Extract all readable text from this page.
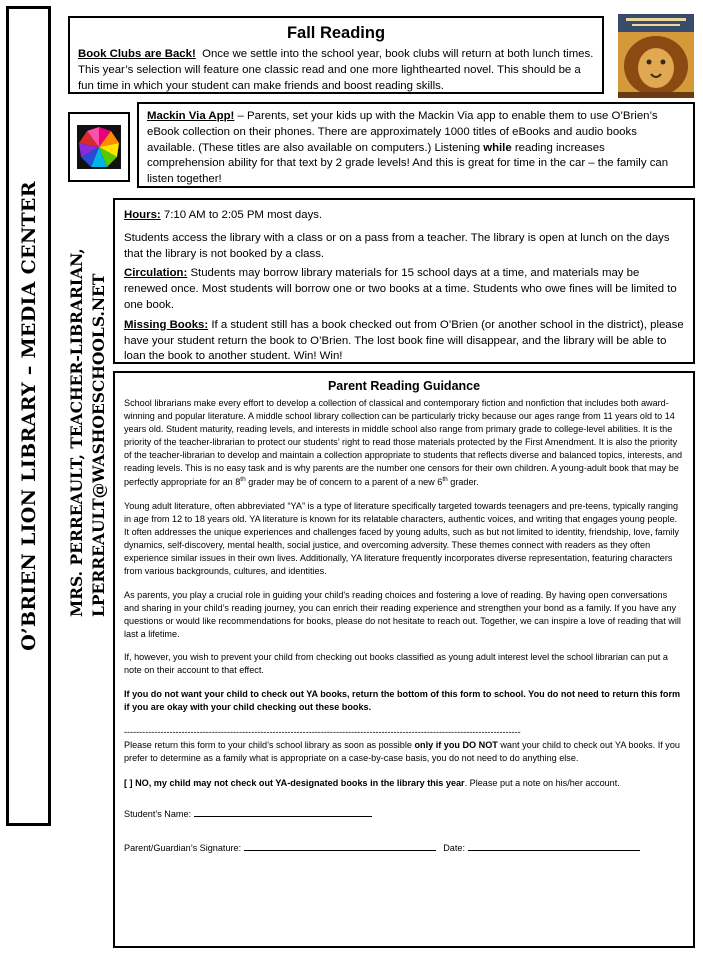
O’BRIEN LION LIBRARY – MEDIA CENTER MRS. PERREAULT, TEACHER-LIBRARIAN, LPERREAULT@WASHOESCHOOLS.NET
Fall Reading

Book Clubs are Back! Once we settle into the school year, book clubs will return at both lunch times. This year’s selection will feature one classic read and one more lighthearted novel. This should be a fun time in which your student can make friends and boost reading skills.

Mackin Via App! – Parents, set your kids up with the Mackin Via app to enable them to use O’Brien’s eBook collection on their phones. There are approximately 1000 titles of eBooks and audio books available. (These titles are also available on computers.) Listening while reading increases comprehension ability for that text by 2 grade levels! And this is great for time in the car – the family can listen together!

Hours: 7:10 AM to 2:05 PM most days.

Students access the library with a class or on a pass from a teacher. The library is open at lunch on the days that the library is not booked by a class.

Circulation: Students may borrow library materials for 15 school days at a time, and materials may be renewed once. Most students will borrow one or two books at a time. Students who owe fines will be limited to one book.

Missing Books: If a student still has a book checked out from O’Brien (or another school in the district), please have your student return the book to O’Brien. The lost book fine will disappear, and the library will be able to loan the book to another student. Win! Win!

Parent Reading Guidance

School librarians make every effort to develop a collection of classical and contemporary fiction and nonfiction that includes both award-winning and popular literature. A middle school library collection can be particularly tricky because our ages range from 11 years old to 14 years old. Student maturity, reading levels, and interests in middle school also range from primary grade to college-level abilities. It is the priority of the teacher-librarian to protect our students’ right to read those materials protected by the First Amendment. It is also the priority of the teacher-librarian to develop and maintain a collection appropriate to students that reflects diverse and balanced topics, interests, and reading levels. This is no easy task and is why parents are the number one censors for their own children. A young-adult book that may be perfectly appropriate for an 8th grader may be of concern to a parent of a new 6th grader.

Young adult literature, often abbreviated “YA” is a type of literature specifically targeted towards teenagers and pre-teens, typically ranging in age from 12 to 18 years old. YA literature is known for its relatable characters, authentic voices, and writing that engages young people. It often addresses the unique experiences and challenges faced by young adults, such as but not limited to identity, friendship, love, family dynamics, self-discovery, mental health, social justice, and overcoming adversity. These themes connect with readers as they often experience similar issues in their own lives. Additionally, YA literature frequently incorporates diverse representation, featuring characters from various backgrounds, cultures, and identities.

As parents, you play a crucial role in guiding your child's reading choices and fostering a love of reading. By having open conversations and sharing in your child’s reading journey, you can enrich their reading experience and strengthen your bond as a family. If you have any questions or would like recommendations for books, please do not hesitate to reach out. Together, we can inspire a love of reading that will last a lifetime.

If, however, you wish to prevent your child from checking out books classified as young adult interest level the school librarian can put a note on their account to that effect.

If you do not want your child to check out YA books, return the bottom of this form to school. You do not need to return this form if you are okay with your child checking out these books.

-----------------------------------------------------------------------------------------------------------------------------------

Please return this form to your child’s school library as soon as possible only if you DO NOT want your child to check out YA books. If you prefer to determine as a family what is appropriate on a case-by-case basis, you do not need to do anything else.

[ ] NO, my child may not check out YA-designated books in the library this year. Please put a note on his/her account.

Student’s Name:

Parent/Guardian’s Signature:	Date:
